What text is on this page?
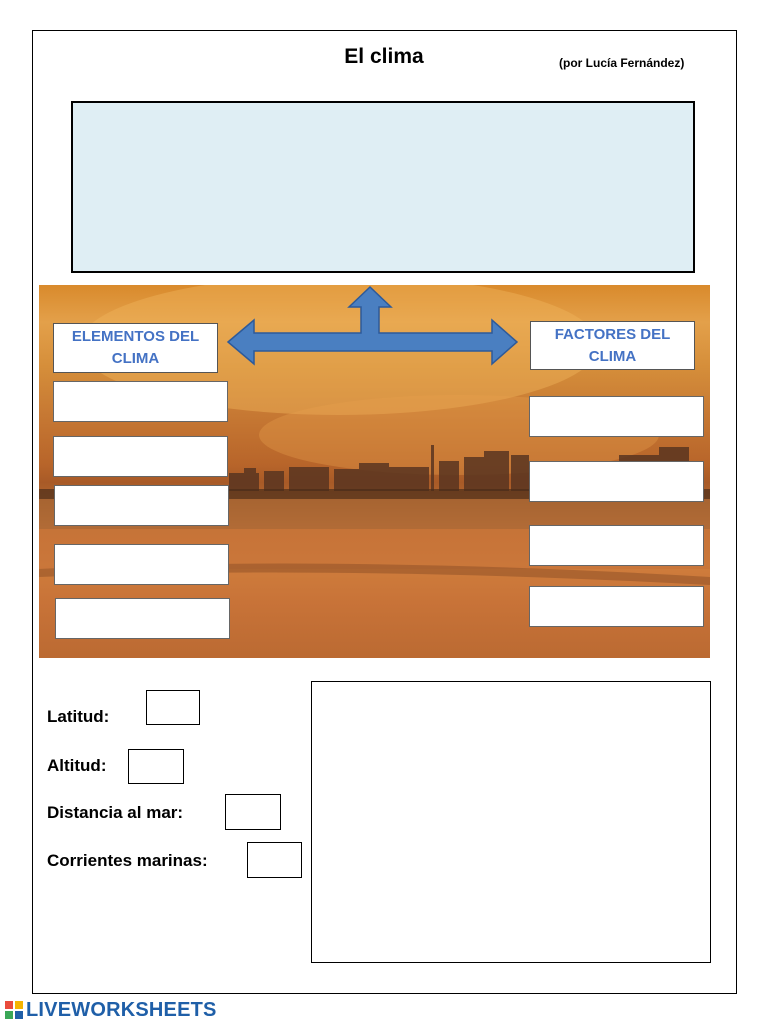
El clima	(por Lucía Fernández)
ELEMENTOS DEL CLIMA
FACTORES DEL CLIMA
Latitud:
Altitud:
Distancia al mar:
Corrientes marinas:
LIVEWORKSHEETS
